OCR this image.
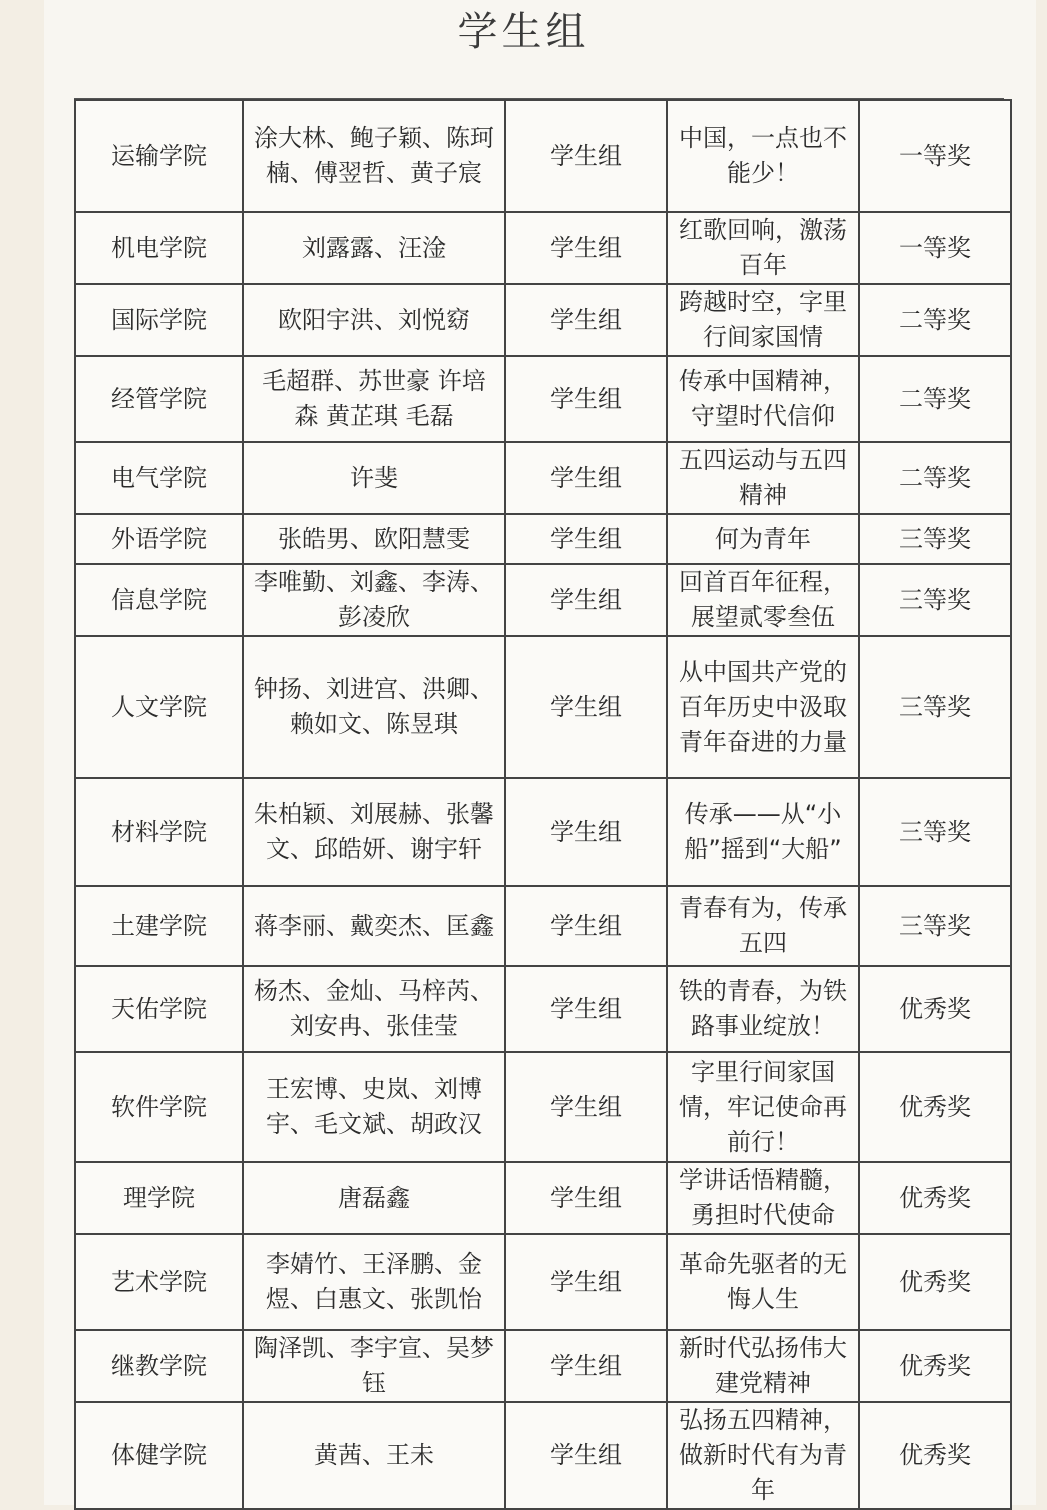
学生组
运输学院	涂大林、鲍子颖、陈珂楠、傅翌哲、黄子宸	学生组	中国，一点也不能少！	一等奖
机电学院	刘露露、汪淦	学生组	红歌回响，激荡百年	一等奖
国际学院	欧阳宇洪、刘悦窈	学生组	跨越时空，字里行间家国情	二等奖
经管学院	毛超群、苏世豪 许培森 黄芷琪 毛磊	学生组	传承中国精神，守望时代信仰	二等奖
电气学院	许斐	学生组	五四运动与五四精神	二等奖
外语学院	张皓男、欧阳慧雯	学生组	何为青年	三等奖
信息学院	李唯勤、刘鑫、李涛、彭凌欣	学生组	回首百年征程，展望贰零叁伍	三等奖
人文学院	钟扬、刘进宫、洪卿、赖如文、陈昱琪	学生组	从中国共产党的百年历史中汲取青年奋进的力量	三等奖
材料学院	朱柏颖、刘展赫、张馨文、邱皓妍、谢宇轩	学生组	传承——从“小船”摇到“大船”	三等奖
土建学院	蒋李丽、戴奕杰、匡鑫	学生组	青春有为，传承五四	三等奖
天佑学院	杨杰、金灿、马梓芮、刘安冉、张佳莹	学生组	铁的青春，为铁路事业绽放！	优秀奖
软件学院	王宏博、史岚、刘博宇、毛文斌、胡政汉	学生组	字里行间家国情，牢记使命再前行！	优秀奖
理学院	唐磊鑫	学生组	学讲话悟精髓，勇担时代使命	优秀奖
艺术学院	李婧竹、王泽鹏、金煜、白惠文、张凯怡	学生组	革命先驱者的无悔人生	优秀奖
继教学院	陶泽凯、李宇宣、吴梦钰	学生组	新时代弘扬伟大建党精神	优秀奖
体健学院	黄茜、王未	学生组	弘扬五四精神，做新时代有为青年	优秀奖
